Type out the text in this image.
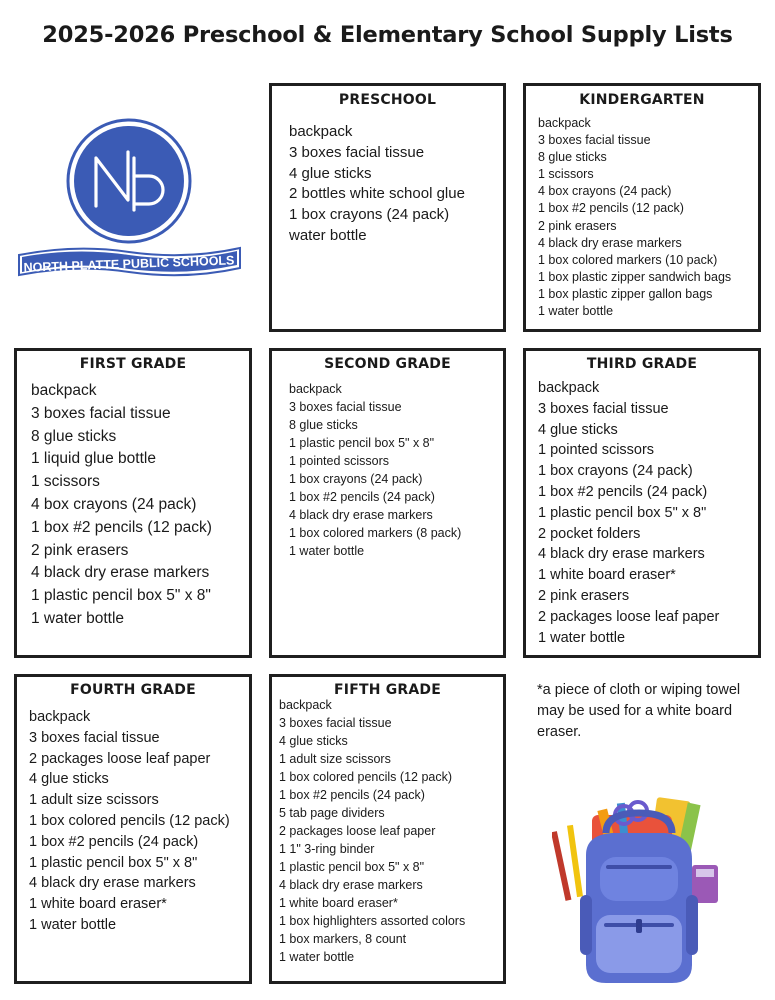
2025-2026 Preschool & Elementary School Supply Lists
NORTH PLATTE PUBLIC SCHOOLS
PRESCHOOL
backpack
3 boxes facial tissue
4 glue sticks
2 bottles white school glue
1 box crayons (24 pack)
water bottle
KINDERGARTEN
backpack
3 boxes facial tissue
8 glue sticks
1 scissors
4 box crayons (24 pack)
1 box #2 pencils (12 pack)
2 pink erasers
4 black dry erase markers
1 box colored markers (10 pack)
1 box plastic zipper sandwich bags
1 box plastic zipper gallon bags
1 water bottle
FIRST GRADE
backpack
3 boxes facial tissue
8 glue sticks
1 liquid glue bottle
1 scissors
4 box crayons (24 pack)
1 box #2 pencils (12 pack)
2 pink erasers
4 black dry erase markers
1 plastic pencil box 5" x 8"
1 water bottle
SECOND GRADE
backpack
3 boxes facial tissue
8 glue sticks
1 plastic pencil box 5" x 8"
1 pointed scissors
1 box crayons (24 pack)
1 box #2 pencils (24 pack)
4 black dry erase markers
1 box colored markers (8 pack)
1 water bottle
THIRD GRADE
backpack
3 boxes facial tissue
4 glue sticks
1 pointed scissors
1 box crayons (24 pack)
1 box #2 pencils (24 pack)
1 plastic pencil box 5" x 8"
2 pocket folders
4 black dry erase markers
1 white board eraser*
2 pink erasers
2 packages loose leaf paper
1 water bottle
FOURTH GRADE
backpack
3 boxes facial tissue
2 packages loose leaf paper
4 glue sticks
1 adult size scissors
1 box colored pencils (12 pack)
1 box #2 pencils (24 pack)
1 plastic pencil box 5" x 8"
4 black dry erase markers
1 white board eraser*
1 water bottle
FIFTH GRADE
backpack
3 boxes facial tissue
4 glue sticks
1 adult size scissors
1 box colored pencils (12 pack)
1 box #2 pencils (24 pack)
5 tab page dividers
2 packages loose leaf paper
1 1" 3-ring binder
1 plastic pencil box 5" x 8"
4 black dry erase markers
1 white board eraser*
1 box highlighters assorted colors
1 box markers, 8 count
1 water bottle

*a piece of cloth or wiping towel may be used for a white board eraser.
